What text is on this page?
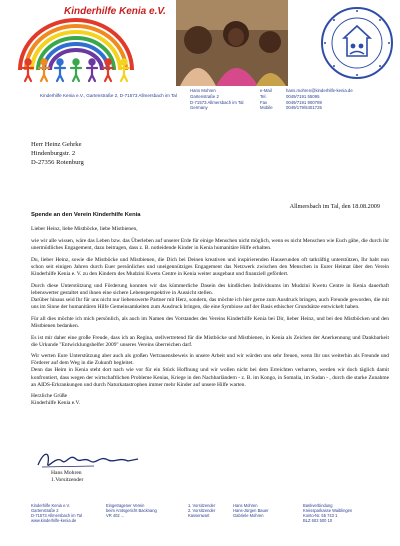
Kinderhilfe Kenia e.V.
Kinderhilfe Kenia e.V., Gartenstraße 2, D-71573 Allmersbach im Tal
Hans Mohren
Gartenstraße 2
D-71573 Allmersbach im Tal
Germany
e-Mail
Tel.
Fax
Mobile
hans.mohren@kinderhilfe-kenia.de
0049/7191 55095
0049/7191 900789
0049/179/5401725
Herr Heinz Gehrke
Hindenburgstr. 2
D-27356 Rotenburg
Allmersbach im Tal, den 18.08.2009
Spende an den Verein Kinderhilfe Kenia

Lieber Heinz, liebe Mistböcke, liebe Mistbienen,

wie wir alle wissen, wäre das Leben bzw. das Überleben auf unserer Erde für einige Menschen nicht möglich, wenn es nicht Menschen wie Euch gäbe, die durch ihr unermüdliches Engagement, dazu beitragen, dass z. B. notleidende Kinder in Kenia humanitäre Hilfe erhalten.

Du, lieber Heinz, sowie die Mistböcke und Mistbienen, die Dich bei Deinen kreativen und inspirierenden Hauserunden oft tatkräftig unterstützen, Ihr habt nun schon seit einigen Jahren durch Euer persönliches und uneigennütziges Engagement das Netzwerk zwischen den Menschen in Eurer Heimat über den Verein Kinderhilfe Kenia e. V. zu den Kindern des Mudzini Kwetu Centre in Kenia weiter ausgebaut und finanziell gefördert.

Durch diese Unterstützung und Förderung konnten wir das kümmerliche Dasein des kindlichen Individuums im Mudzini Kwetu Centre in Kenia dauerhaft lebenswerter gestaltet und ihnen eine sichere Lebensperspektive in Aussicht stellen.

Darüber hinaus seid Ihr für uns nicht nur liebenswerte Partner mit Herz, sondern, das möchte ich hier gerne zum Ausdruck bringen, auch Freunde geworden, die mit uns im Sinne der humanitären Hilfe Gemeinsamkeiten zum Ausdruck bringen, die eine Symbiose auf der Basis ethischer Grundsätze entwickelt haben.

Für all dies möchte ich mich persönlich, als auch im Namen des Vorstandes des Vereins Kinderhilfe Kenia bei Dir, lieber Heinz, und bei den Mistböcken und den Mistbienen bedanken.

Es ist mir daher eine große Freude, dass ich an Regina, stellvertretend für die Mistböcke und Mistbienen, in Kenia als Zeichen der Anerkennung und Dankbarkeit die Urkunde "Entwicklungshelfer 2009" unseres Vereins überreichen darf.

Wir werten Eure Unterstützung aber auch als großen Vertrauensbeweis in unsere Arbeit und wir würden uns sehr freuen, wenn Ihr uns weiterhin als Freunde und Förderer auf dem Weg in die Zukunft begleitet.

Denn das Heim in Kenia steht dort nach wie vor für ein Stück Hoffnung und wir wollen nicht bei dem Erreichten verharren, werden wir doch täglich damit konfrontiert, dass wegen der wirtschaftlichen Probleme Kenias, Kriege in den Nachbarländern - z. B. im Kongo, in Somalia, im Sudan - , durch die starke Zunahme an AIDS-Erkrankungen und durch Naturkatastrophen immer mehr Kinder auf unsere Hilfe warten.

Herzliche Grüße

Kinderhilfe Kenia e.V.

Hans Mohren
1.Vorsitzender
Kinderhilfe Kenia e.V.
Gartenstraße 2
D-71573 Allmersbach im Tal
www.kinderhilfe-kenia.de
Eingetragener Verein
beim Amtsgericht Backnang
VR 402 ...
1. Vorsitzender
2. Vorsitzender
Kassenwart
Hans Mohren
Hans-Jürgen Bauer
Gabriele Mohren
Bankverbindung
Kreissparkasse Waiblingen
Konto-Nr. 55 743 1
BLZ 602 500 10
